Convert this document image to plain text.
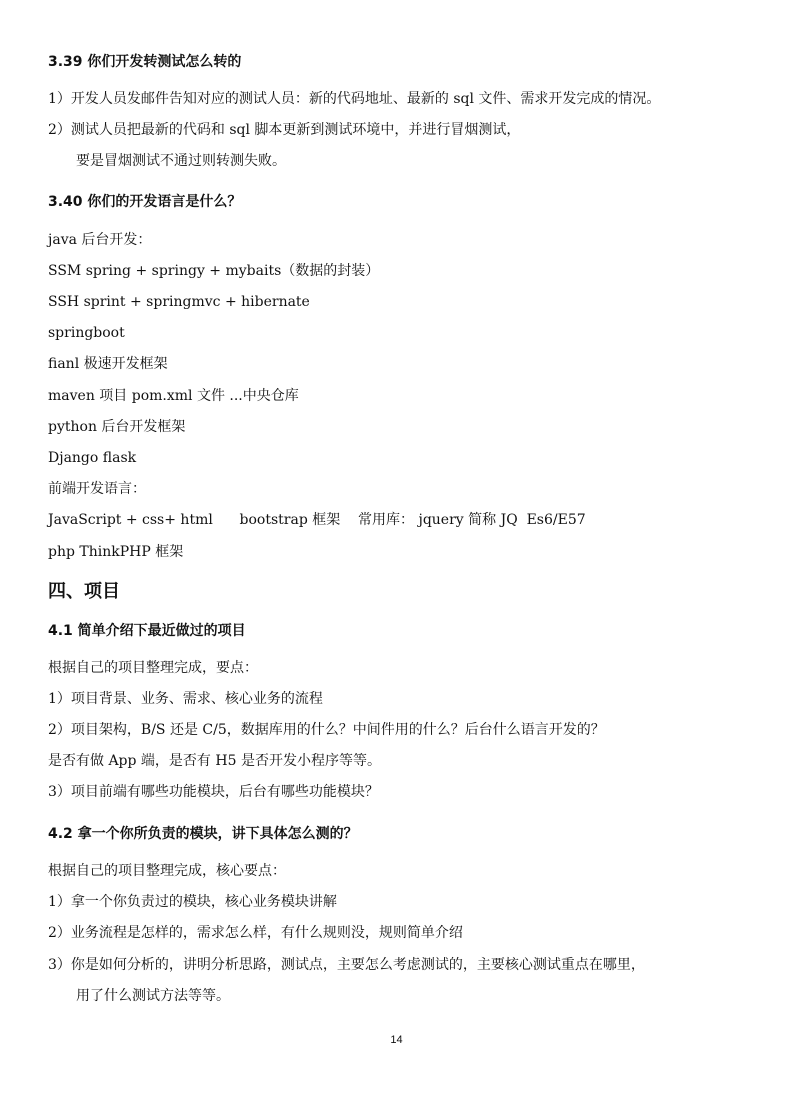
3.39 你们开发转测试怎么转的
1）开发人员发邮件告知对应的测试人员：新的代码地址、最新的 sql 文件、需求开发完成的情况。
2）测试人员把最新的代码和 sql 脚本更新到测试环境中，并进行冒烟测试，
要是冒烟测试不通过则转测失败。
3.40 你们的开发语言是什么？
java 后台开发：
SSM spring + springy + mybaits（数据的封装）
SSH sprint + springmvc + hibernate
springboot
fianl 极速开发框架
maven 项目 pom.xml 文件 ...中央仓库
python 后台开发框架
Django flask
前端开发语言：
JavaScript + css+ html      bootstrap 框架    常用库： jquery 简称 JQ  Es6/E57
php ThinkPHP 框架
四、项目
4.1 简单介绍下最近做过的项目
根据自己的项目整理完成，要点：
1）项目背景、业务、需求、核心业务的流程
2）项目架构，B/S 还是 C/5，数据库用的什么？中间件用的什么？后台什么语言开发的？
是否有做 App 端，是否有 H5 是否开发小程序等等。
3）项目前端有哪些功能模块，后台有哪些功能模块？
4.2 拿一个你所负责的模块，讲下具体怎么测的？
根据自己的项目整理完成，核心要点：
1）拿一个你负责过的模块，核心业务模块讲解
2）业务流程是怎样的，需求怎么样，有什么规则没，规则简单介绍
3）你是如何分析的，讲明分析思路，测试点，主要怎么考虑测试的，主要核心测试重点在哪里，
用了什么测试方法等等。
14
